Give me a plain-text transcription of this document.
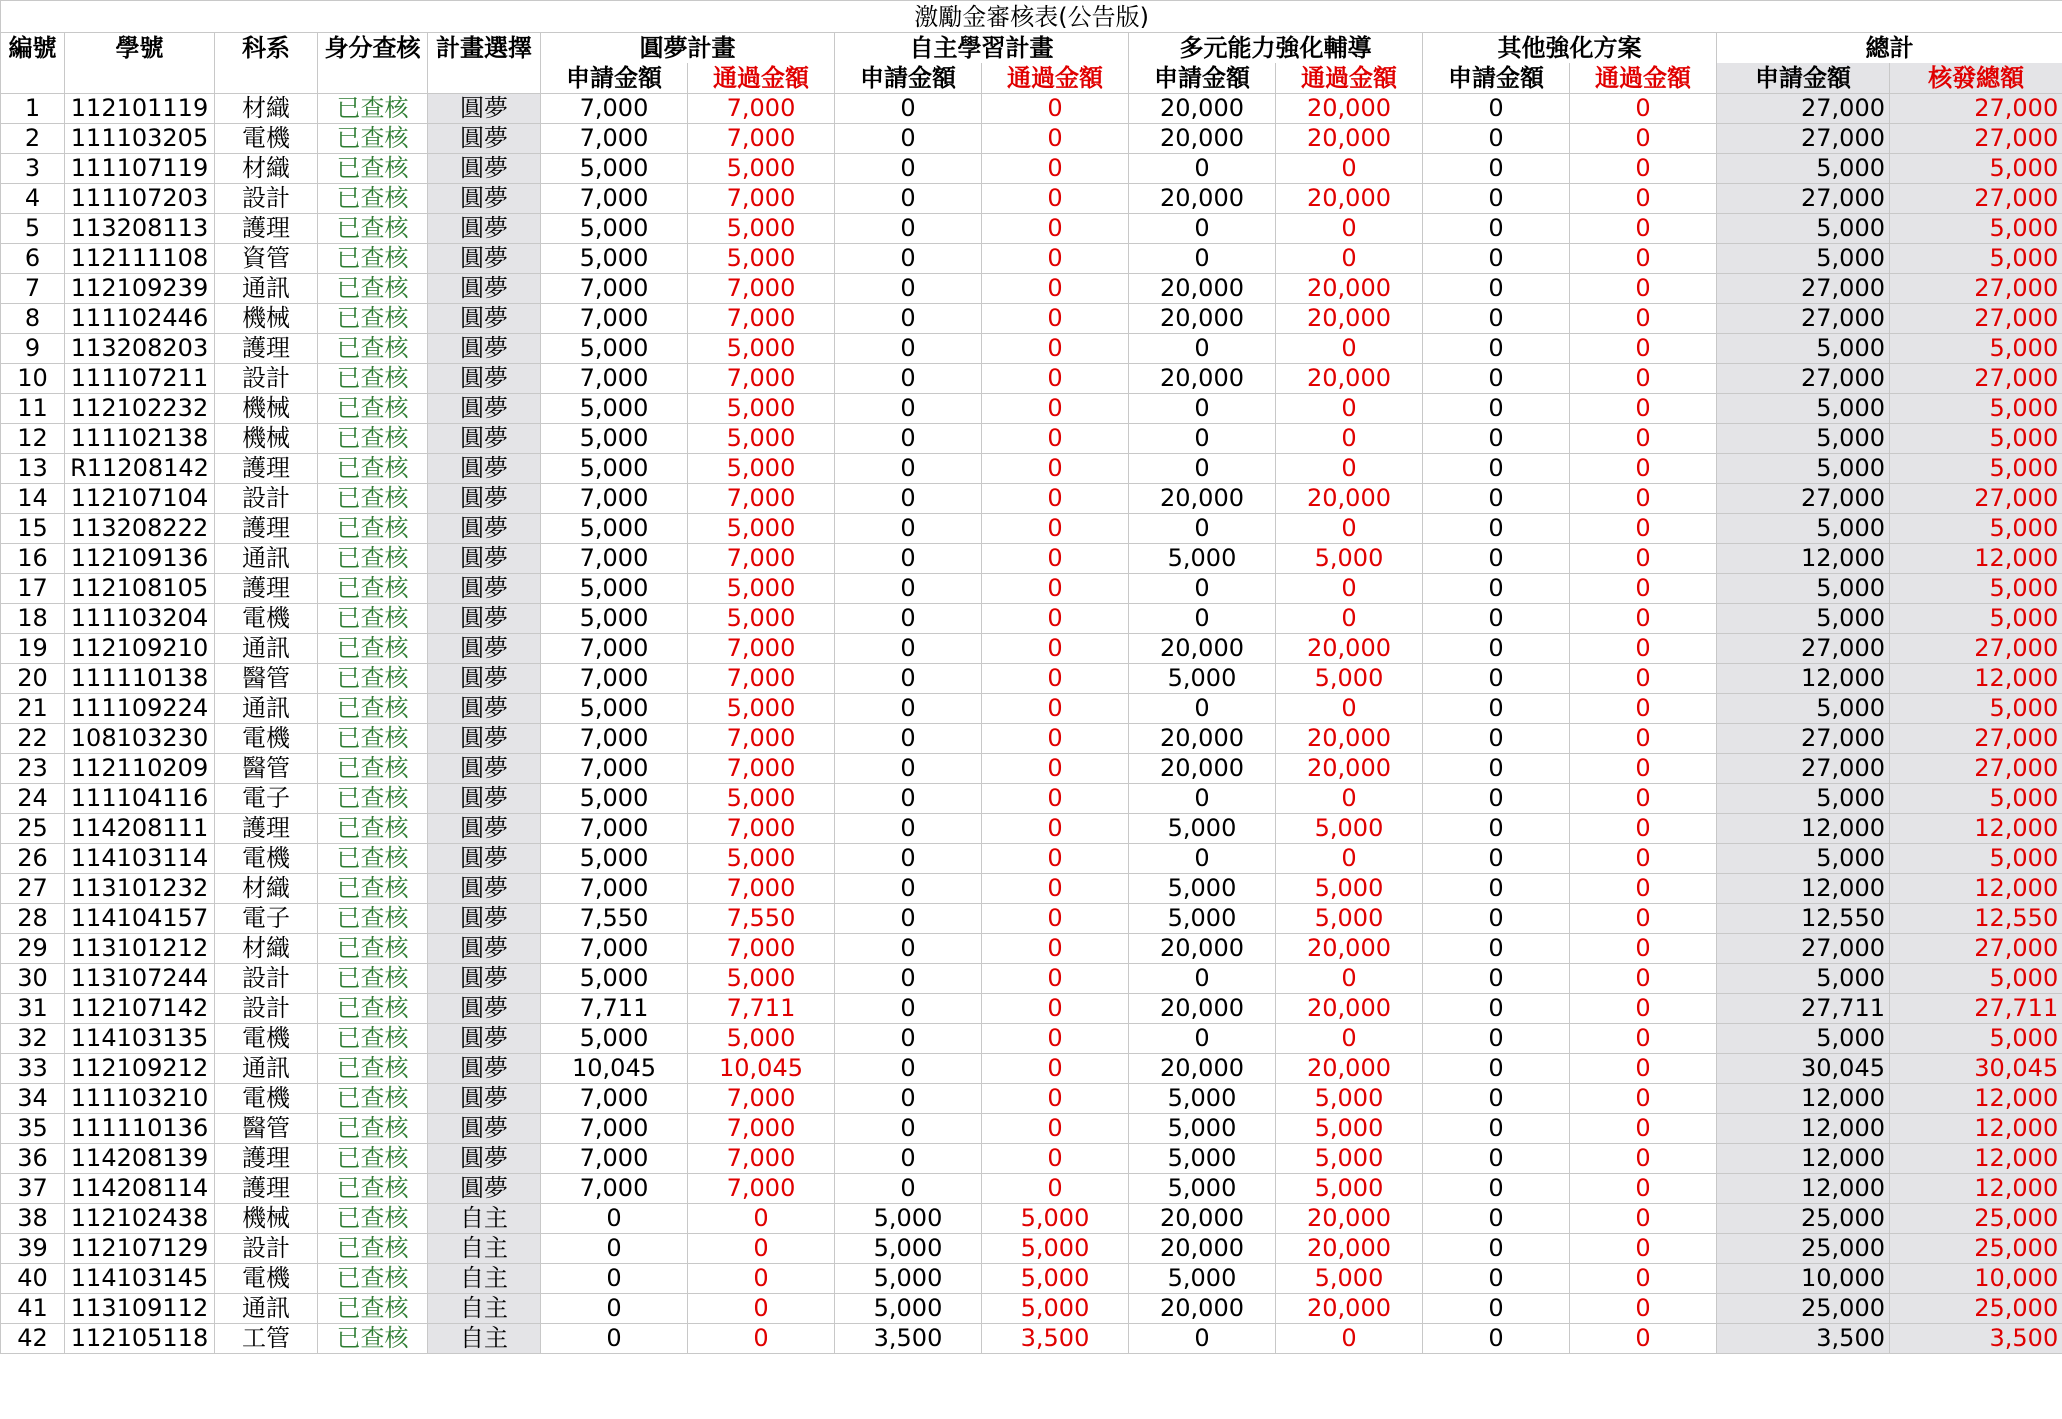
激勵金審核表(公告版)														
編號	學號	科系	身分查核	計畫選擇	圓夢計畫		自主學習計畫		多元能力強化輔導		其他強化方案		總計	
					申請金額	通過金額	申請金額	通過金額	申請金額	通過金額	申請金額	通過金額	申請金額	核發總額
1	112101119	材織	已查核	圓夢	7,000	7,000	0	0	20,000	20,000	0	0	27,000	27,000
2	111103205	電機	已查核	圓夢	7,000	7,000	0	0	20,000	20,000	0	0	27,000	27,000
3	111107119	材織	已查核	圓夢	5,000	5,000	0	0	0	0	0	0	5,000	5,000
4	111107203	設計	已查核	圓夢	7,000	7,000	0	0	20,000	20,000	0	0	27,000	27,000
5	113208113	護理	已查核	圓夢	5,000	5,000	0	0	0	0	0	0	5,000	5,000
6	112111108	資管	已查核	圓夢	5,000	5,000	0	0	0	0	0	0	5,000	5,000
7	112109239	通訊	已查核	圓夢	7,000	7,000	0	0	20,000	20,000	0	0	27,000	27,000
8	111102446	機械	已查核	圓夢	7,000	7,000	0	0	20,000	20,000	0	0	27,000	27,000
9	113208203	護理	已查核	圓夢	5,000	5,000	0	0	0	0	0	0	5,000	5,000
10	111107211	設計	已查核	圓夢	7,000	7,000	0	0	20,000	20,000	0	0	27,000	27,000
11	112102232	機械	已查核	圓夢	5,000	5,000	0	0	0	0	0	0	5,000	5,000
12	111102138	機械	已查核	圓夢	5,000	5,000	0	0	0	0	0	0	5,000	5,000
13	R11208142	護理	已查核	圓夢	5,000	5,000	0	0	0	0	0	0	5,000	5,000
14	112107104	設計	已查核	圓夢	7,000	7,000	0	0	20,000	20,000	0	0	27,000	27,000
15	113208222	護理	已查核	圓夢	5,000	5,000	0	0	0	0	0	0	5,000	5,000
16	112109136	通訊	已查核	圓夢	7,000	7,000	0	0	5,000	5,000	0	0	12,000	12,000
17	112108105	護理	已查核	圓夢	5,000	5,000	0	0	0	0	0	0	5,000	5,000
18	111103204	電機	已查核	圓夢	5,000	5,000	0	0	0	0	0	0	5,000	5,000
19	112109210	通訊	已查核	圓夢	7,000	7,000	0	0	20,000	20,000	0	0	27,000	27,000
20	111110138	醫管	已查核	圓夢	7,000	7,000	0	0	5,000	5,000	0	0	12,000	12,000
21	111109224	通訊	已查核	圓夢	5,000	5,000	0	0	0	0	0	0	5,000	5,000
22	108103230	電機	已查核	圓夢	7,000	7,000	0	0	20,000	20,000	0	0	27,000	27,000
23	112110209	醫管	已查核	圓夢	7,000	7,000	0	0	20,000	20,000	0	0	27,000	27,000
24	111104116	電子	已查核	圓夢	5,000	5,000	0	0	0	0	0	0	5,000	5,000
25	114208111	護理	已查核	圓夢	7,000	7,000	0	0	5,000	5,000	0	0	12,000	12,000
26	114103114	電機	已查核	圓夢	5,000	5,000	0	0	0	0	0	0	5,000	5,000
27	113101232	材織	已查核	圓夢	7,000	7,000	0	0	5,000	5,000	0	0	12,000	12,000
28	114104157	電子	已查核	圓夢	7,550	7,550	0	0	5,000	5,000	0	0	12,550	12,550
29	113101212	材織	已查核	圓夢	7,000	7,000	0	0	20,000	20,000	0	0	27,000	27,000
30	113107244	設計	已查核	圓夢	5,000	5,000	0	0	0	0	0	0	5,000	5,000
31	112107142	設計	已查核	圓夢	7,711	7,711	0	0	20,000	20,000	0	0	27,711	27,711
32	114103135	電機	已查核	圓夢	5,000	5,000	0	0	0	0	0	0	5,000	5,000
33	112109212	通訊	已查核	圓夢	10,045	10,045	0	0	20,000	20,000	0	0	30,045	30,045
34	111103210	電機	已查核	圓夢	7,000	7,000	0	0	5,000	5,000	0	0	12,000	12,000
35	111110136	醫管	已查核	圓夢	7,000	7,000	0	0	5,000	5,000	0	0	12,000	12,000
36	114208139	護理	已查核	圓夢	7,000	7,000	0	0	5,000	5,000	0	0	12,000	12,000
37	114208114	護理	已查核	圓夢	7,000	7,000	0	0	5,000	5,000	0	0	12,000	12,000
38	112102438	機械	已查核	自主	0	0	5,000	5,000	20,000	20,000	0	0	25,000	25,000
39	112107129	設計	已查核	自主	0	0	5,000	5,000	20,000	20,000	0	0	25,000	25,000
40	114103145	電機	已查核	自主	0	0	5,000	5,000	5,000	5,000	0	0	10,000	10,000
41	113109112	通訊	已查核	自主	0	0	5,000	5,000	20,000	20,000	0	0	25,000	25,000
42	112105118	工管	已查核	自主	0	0	3,500	3,500	0	0	0	0	3,500	3,500
